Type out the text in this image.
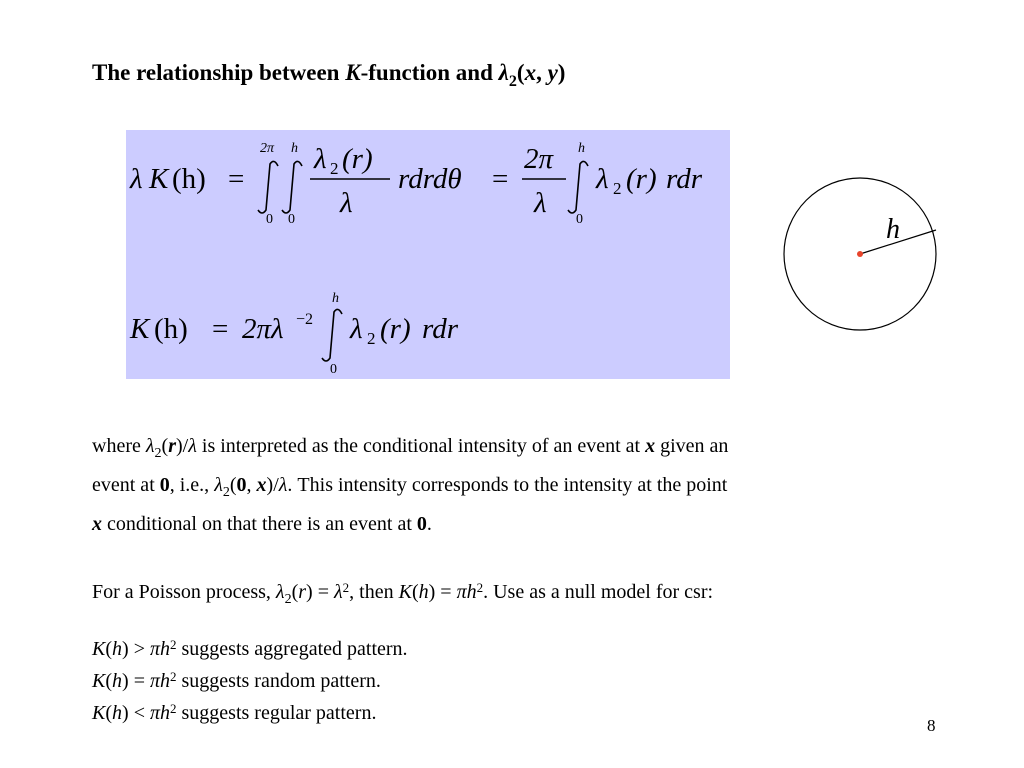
The relationship between K-function and $\lambda_2(x$, y)
λ K (h) =
2π
0
h
0
λ 2 (r)
λ
rdrdθ =
2π
λ
h
0
λ 2 (r) rdr
K (h) = 2πλ −2
h
0
λ 2 (r) rdr
h
where $\lambda_2(r)/\lambda$ is interpreted as the conditional intensity of an event at x given an
event at 0, i.e., $\lambda_2(0$, x)/λ. This intensity corresponds to the intensity at the point
x conditional on that there is an event at 0.
For a Poisson process, $\lambda_2(r) = \lambda^2$, then $K(h) = \pi h^2$. Use as a null model for csr:
$K(h) > \pi h^2$ suggests aggregated pattern.
$K(h) = \pi h^2$ suggests random pattern.
$K(h) < \pi h^2$ suggests regular pattern.
8
